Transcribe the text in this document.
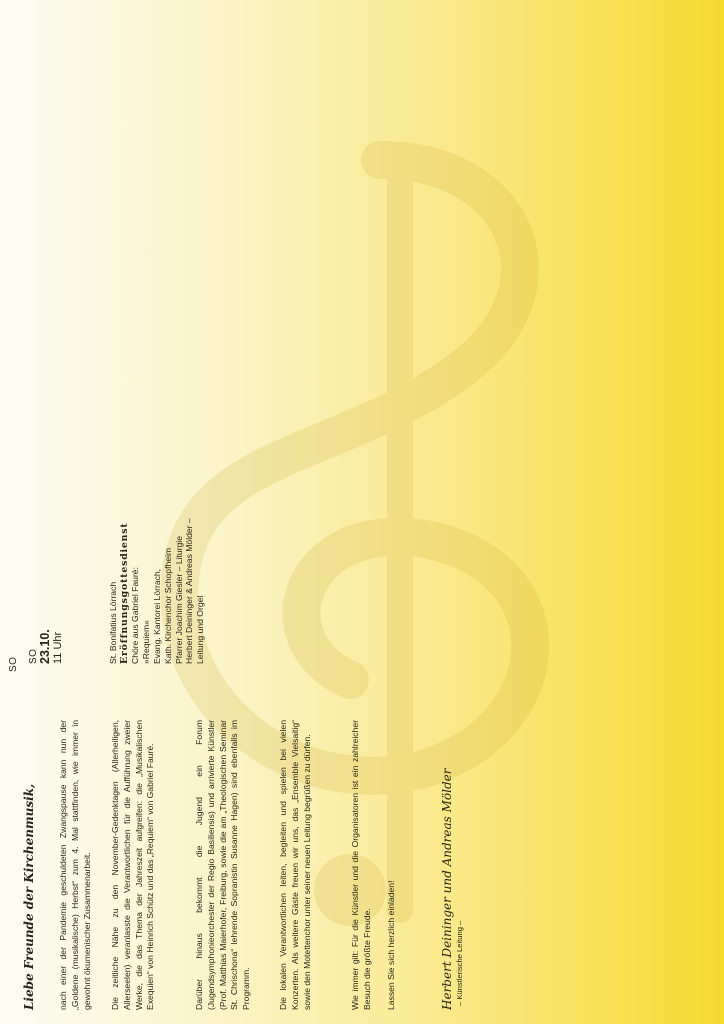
Liebe Freunde der Kirchenmusik,	nach einer der Pandemie geschuldeten Zwangspause kann nun der „Goldene (musikalische) Herbst“ zum 4. Mal stattfinden, wie immer in gewohnt ökumenischer Zusammenarbeit. Die zeitliche Nähe zu den November-Gedenktagen (Allerheiligen, Allerseelen) veranlasste die Verantwortlichen für die Aufführung zweier Werke, die das Thema der Jahreszeit aufgreifen: die „Musikalischen Exequien“ von Heinrich Schütz und das „Requiem“ von Gabriel Fauré.	Darüber hinaus bekommt die Jugend ein Forum (Jugendsymphonieorchester der Regio Basiliensis) und arrivierte Künstler (Prof. Matthias Maierhofer, Freiburg, sowie die am „Theologischen Seminar St. Chrischona“ lehrende Sopranistin Susanne Hagen) sind ebenfalls im Programm.	Die lokalen Verantwortlichen leiten, begleiten und spielen bei vielen Konzerten. Als weitere Gäste freuen wir uns, das „Ensemble Vielsaitig“ sowie den Motettenchor unter seiner neuen Leitung begrüßen zu dürfen.	Wie immer gilt: Für die Künstler und die Organisatoren ist ein zahlreicher Besuch die größte Freude. Lassen Sie sich herzlich einladen!	Herbert Deininger und Andreas Mölder – Künstlerische Leitung –
SO 23.10. 11 Uhr	St. Bonifatius Lörrach Eröffnungsgottesdienst Chöre aus Gabriel Fauré: »Requiem« Evang. Kantorei Lörrach, Kath. Kirchenchor Schopfheim Pfarrer Joachim Giesler – Liturgie Herbert Deininger & Andreas Mölder – Leitung und Orgel
SO
